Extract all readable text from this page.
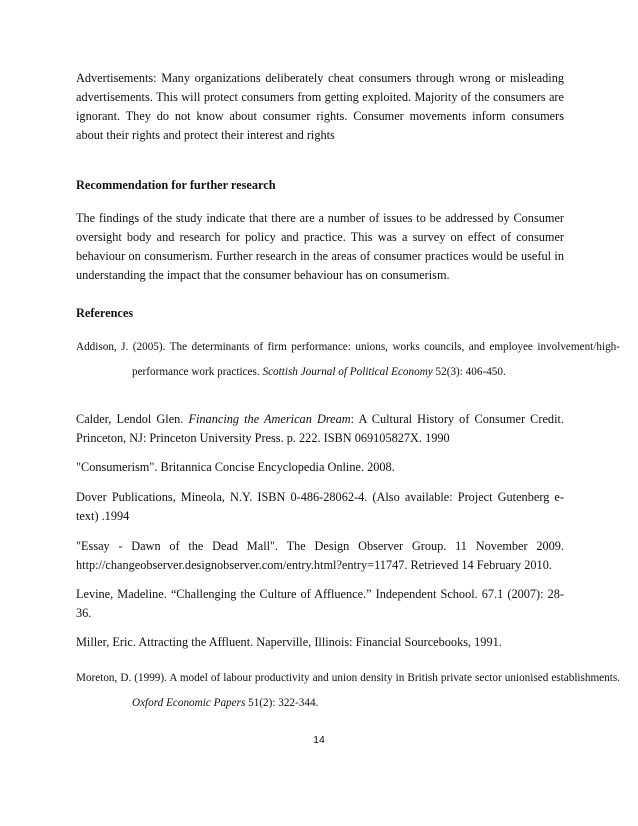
Advertisements: Many organizations deliberately cheat consumers through wrong or misleading advertisements. This will protect consumers from getting exploited. Majority of the consumers are ignorant. They do not know about consumer rights. Consumer movements inform consumers about their rights and protect their interest and rights
Recommendation for further research
The findings of the study indicate that there are a number of issues to be addressed by Consumer oversight body and research for policy and practice. This was a survey on effect of consumer behaviour on consumerism. Further research in the areas of consumer practices would be useful in understanding the impact that the consumer behaviour has on consumerism.
References
Addison, J. (2005). The determinants of firm performance: unions, works councils, and employee involvement/high-performance work practices. Scottish Journal of Political Economy 52(3): 406-450.
Calder, Lendol Glen. Financing the American Dream: A Cultural History of Consumer Credit. Princeton, NJ: Princeton University Press. p. 222. ISBN 069105827X. 1990
"Consumerism". Britannica Concise Encyclopedia Online. 2008.
Dover Publications, Mineola, N.Y. ISBN 0-486-28062-4. (Also available: Project Gutenberg e-text) .1994
"Essay - Dawn of the Dead Mall". The Design Observer Group. 11 November 2009. http://changeobserver.designobserver.com/entry.html?entry=11747. Retrieved 14 February 2010.
Levine, Madeline. “Challenging the Culture of Affluence.” Independent School. 67.1 (2007): 28-36.
Miller, Eric. Attracting the Affluent. Naperville, Illinois: Financial Sourcebooks, 1991.
Moreton, D. (1999). A model of labour productivity and union density in British private sector unionised establishments. Oxford Economic Papers 51(2): 322-344.
14
